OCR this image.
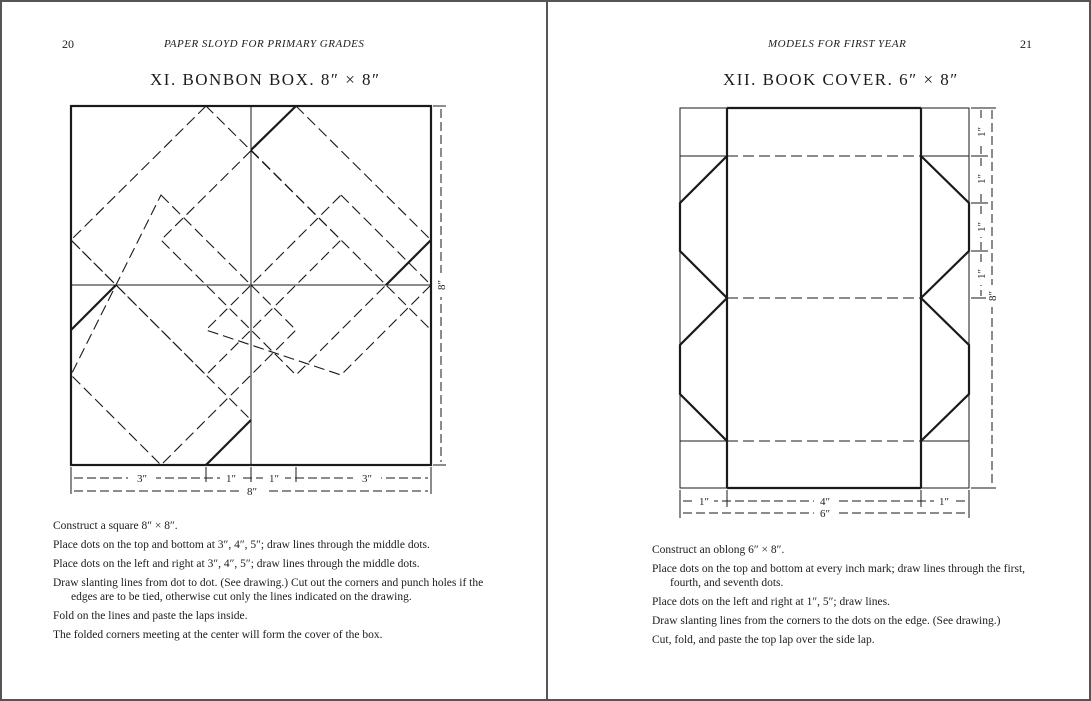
20	PAPER SLOYD FOR PRIMARY GRADES
XI. BONBON BOX. 8″ × 8″
3″	1″	1″	3″
8″
8″

Construct a square 8″ × 8″.

Place dots on the top and bottom at 3″, 4″, 5″; draw lines through the middle dots.

Place dots on the left and right at 3″, 4″, 5″; draw lines through the middle dots.

Draw slanting lines from dot to dot. (See drawing.) Cut out the corners and punch holes if the edges are to be tied, otherwise cut only the lines indicated on the drawing.

Fold on the lines and paste the laps inside.

The folded corners meeting at the center will form the cover of the box.

MODELS FOR FIRST YEAR	21
XII. BOOK COVER. 6″ × 8″
1″
1″
1″
1″
8″
1″	4″	1″
6″

Construct an oblong 6″ × 8″.

Place dots on the top and bottom at every inch mark; draw lines through the first, fourth, and seventh dots.

Place dots on the left and right at 1″, 5″; draw lines.

Draw slanting lines from the corners to the dots on the edge. (See drawing.)

Cut, fold, and paste the top lap over the side lap.
